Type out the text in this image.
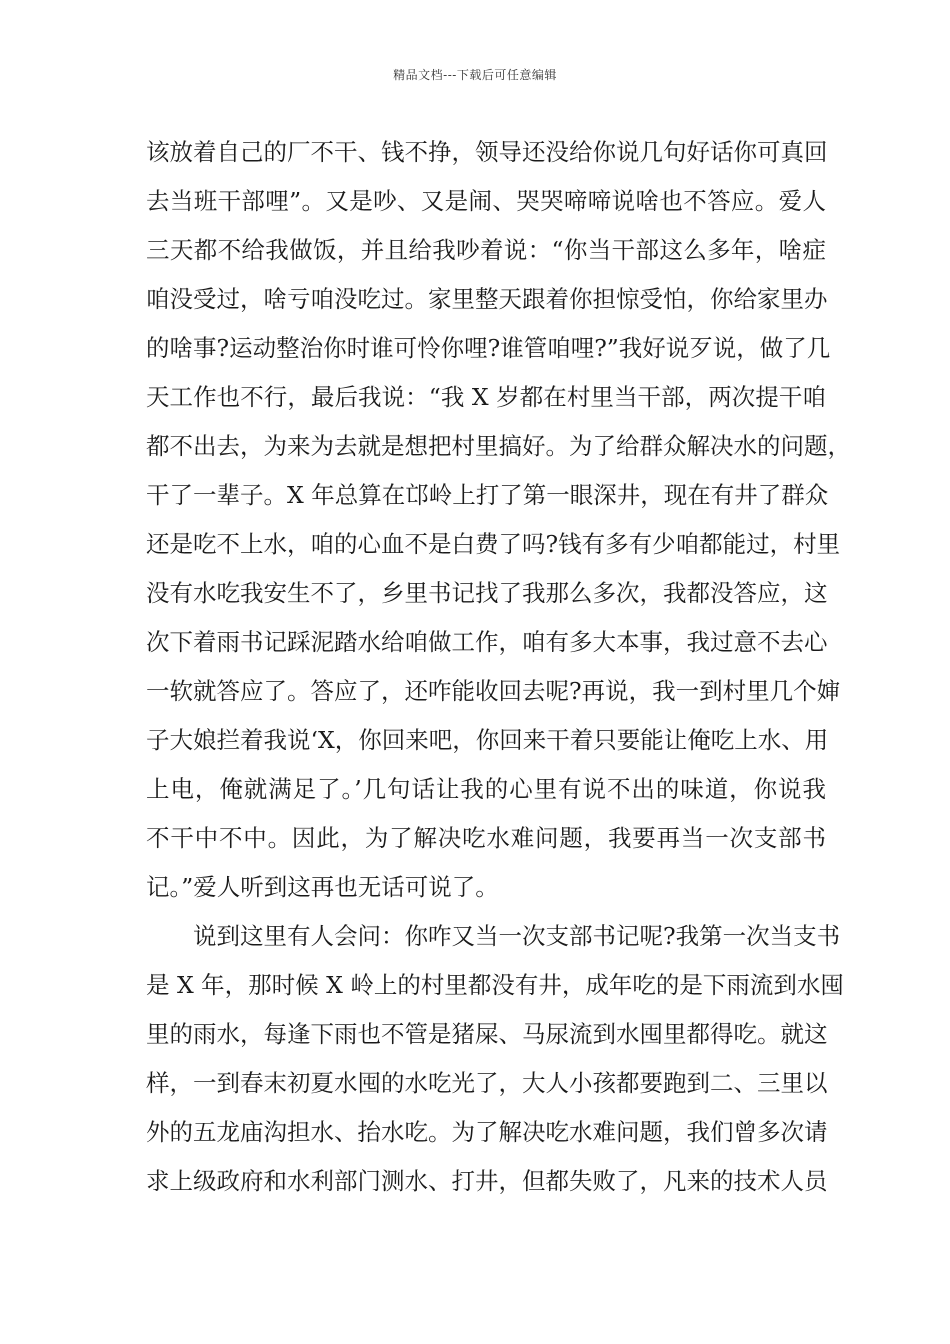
精品文档---下载后可任意编辑
该放着自己的厂不干、钱不挣，领导还没给你说几句好话你可真回
去当班干部哩”。又是吵、又是闹、哭哭啼啼说啥也不答应。爱人
三天都不给我做饭，并且给我吵着说：“你当干部这么多年，啥症
咱没受过，啥亏咱没吃过。家里整天跟着你担惊受怕，你给家里办
的啥事?运动整治你时谁可怜你哩?谁管咱哩?”我好说歹说，做了几
天工作也不行，最后我说：“我 X 岁都在村里当干部，两次提干咱
都不出去，为来为去就是想把村里搞好。为了给群众解决水的问题，
干了一辈子。X 年总算在邙岭上打了第一眼深井，现在有井了群众
还是吃不上水，咱的心血不是白费了吗?钱有多有少咱都能过，村里
没有水吃我安生不了，乡里书记找了我那么多次，我都没答应，这
次下着雨书记踩泥踏水给咱做工作，咱有多大本事，我过意不去心
一软就答应了。答应了，还咋能收回去呢?再说，我一到村里几个婶
子大娘拦着我说‘X，你回来吧，你回来干着只要能让俺吃上水、用
上电，俺就满足了。’几句话让我的心里有说不出的味道，你说我
不干中不中。因此，为了解决吃水难问题，我要再当一次支部书
记。”爱人听到这再也无话可说了。
说到这里有人会问：你咋又当一次支部书记呢?我第一次当支书
是 X 年，那时候 X 岭上的村里都没有井，成年吃的是下雨流到水囤
里的雨水，每逢下雨也不管是猪屎、马尿流到水囤里都得吃。就这
样，一到春末初夏水囤的水吃光了，大人小孩都要跑到二、三里以
外的五龙庙沟担水、抬水吃。为了解决吃水难问题，我们曾多次请
求上级政府和水利部门测水、打井，但都失败了，凡来的技术人员
